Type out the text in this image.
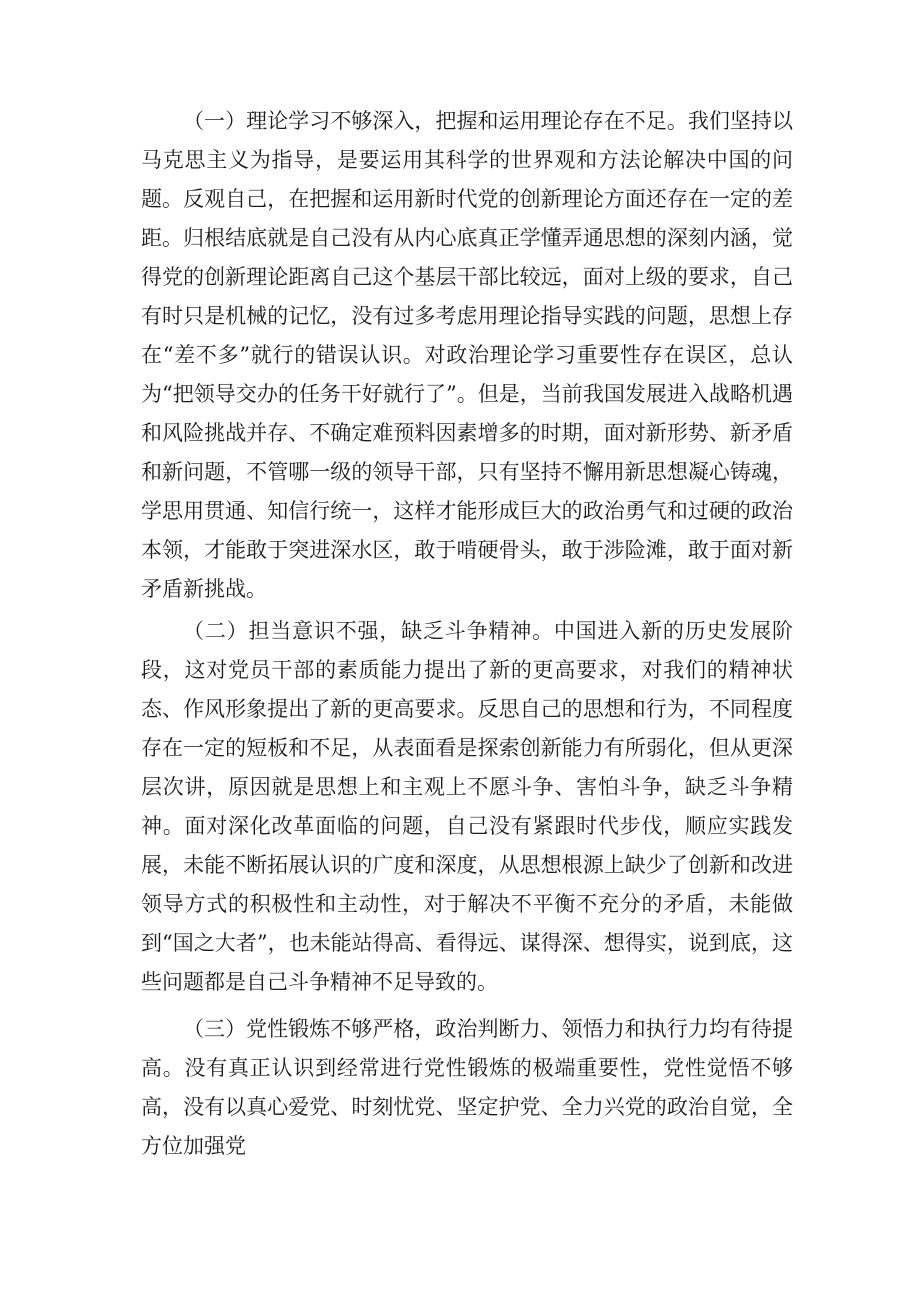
（一）理论学习不够深入，把握和运用理论存在不足。我们坚持以马克思主义为指导，是要运用其科学的世界观和方法论解决中国的问题。反观自己，在把握和运用新时代党的创新理论方面还存在一定的差距。归根结底就是自己没有从内心底真正学懂弄通思想的深刻内涵，觉得党的创新理论距离自己这个基层干部比较远，面对上级的要求，自己有时只是机械的记忆，没有过多考虑用理论指导实践的问题，思想上存在“差不多”就行的错误认识。对政治理论学习重要性存在误区，总认为“把领导交办的任务干好就行了”。但是，当前我国发展进入战略机遇和风险挑战并存、不确定难预料因素增多的时期，面对新形势、新矛盾和新问题，不管哪一级的领导干部，只有坚持不懈用新思想凝心铸魂，学思用贯通、知信行统一，这样才能形成巨大的政治勇气和过硬的政治本领，才能敢于突进深水区，敢于啃硬骨头，敢于涉险滩，敢于面对新矛盾新挑战。

（二）担当意识不强，缺乏斗争精神。中国进入新的历史发展阶段，这对党员干部的素质能力提出了新的更高要求，对我们的精神状态、作风形象提出了新的更高要求。反思自己的思想和行为，不同程度存在一定的短板和不足，从表面看是探索创新能力有所弱化，但从更深层次讲，原因就是思想上和主观上不愿斗争、害怕斗争，缺乏斗争精神。面对深化改革面临的问题，自己没有紧跟时代步伐，顺应实践发展，未能不断拓展认识的广度和深度，从思想根源上缺少了创新和改进领导方式的积极性和主动性，对于解决不平衡不充分的矛盾，未能做到“国之大者”，也未能站得高、看得远、谋得深、想得实，说到底，这些问题都是自己斗争精神不足导致的。

（三）党性锻炼不够严格，政治判断力、领悟力和执行力均有待提高。没有真正认识到经常进行党性锻炼的极端重要性，党性觉悟不够高，没有以真心爱党、时刻忧党、坚定护党、全力兴党的政治自觉，全方位加强党
